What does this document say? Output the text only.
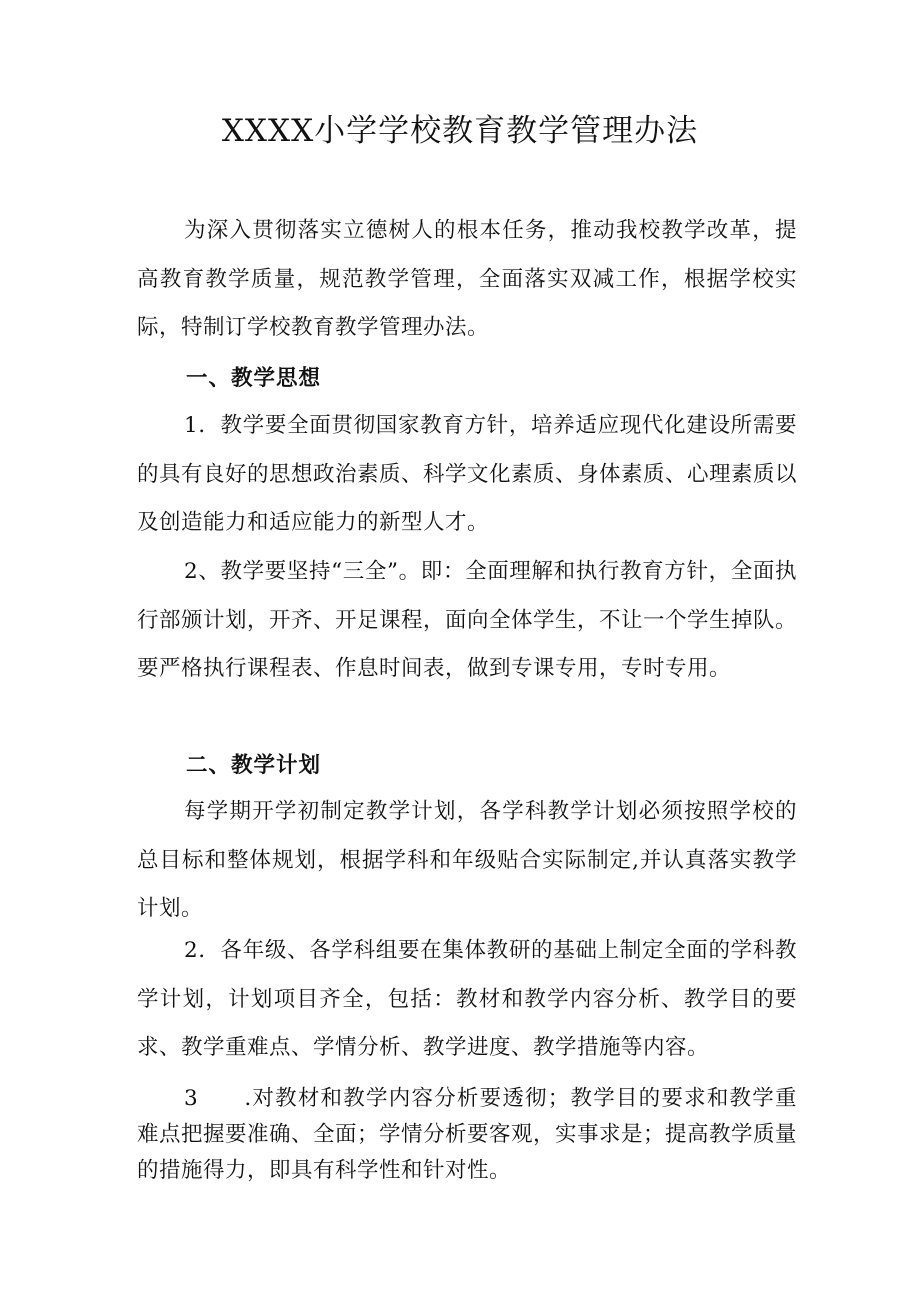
XXXX小学学校教育教学管理办法
为深入贯彻落实立德树人的根本任务，推动我校教学改革，提高教育教学质量，规范教学管理，全面落实双减工作，根据学校实际，特制订学校教育教学管理办法。
一、教学思想
1．教学要全面贯彻国家教育方针，培养适应现代化建设所需要的具有良好的思想政治素质、科学文化素质、身体素质、心理素质以及创造能力和适应能力的新型人才。
2、教学要坚持“三全”。即：全面理解和执行教育方针，全面执行部颁计划，开齐、开足课程，面向全体学生，不让一个学生掉队。要严格执行课程表、作息时间表，做到专课专用，专时专用。
二、教学计划
每学期开学初制定教学计划，各学科教学计划必须按照学校的总目标和整体规划，根据学科和年级贴合实际制定,并认真落实教学计划。
2．各年级、各学科组要在集体教研的基础上制定全面的学科教学计划，计划项目齐全，包括：教材和教学内容分析、教学目的要求、教学重难点、学情分析、教学进度、教学措施等内容。
3　　.对教材和教学内容分析要透彻；教学目的要求和教学重难点把握要准确、全面；学情分析要客观，实事求是；提高教学质量的措施得力，即具有科学性和针对性。
